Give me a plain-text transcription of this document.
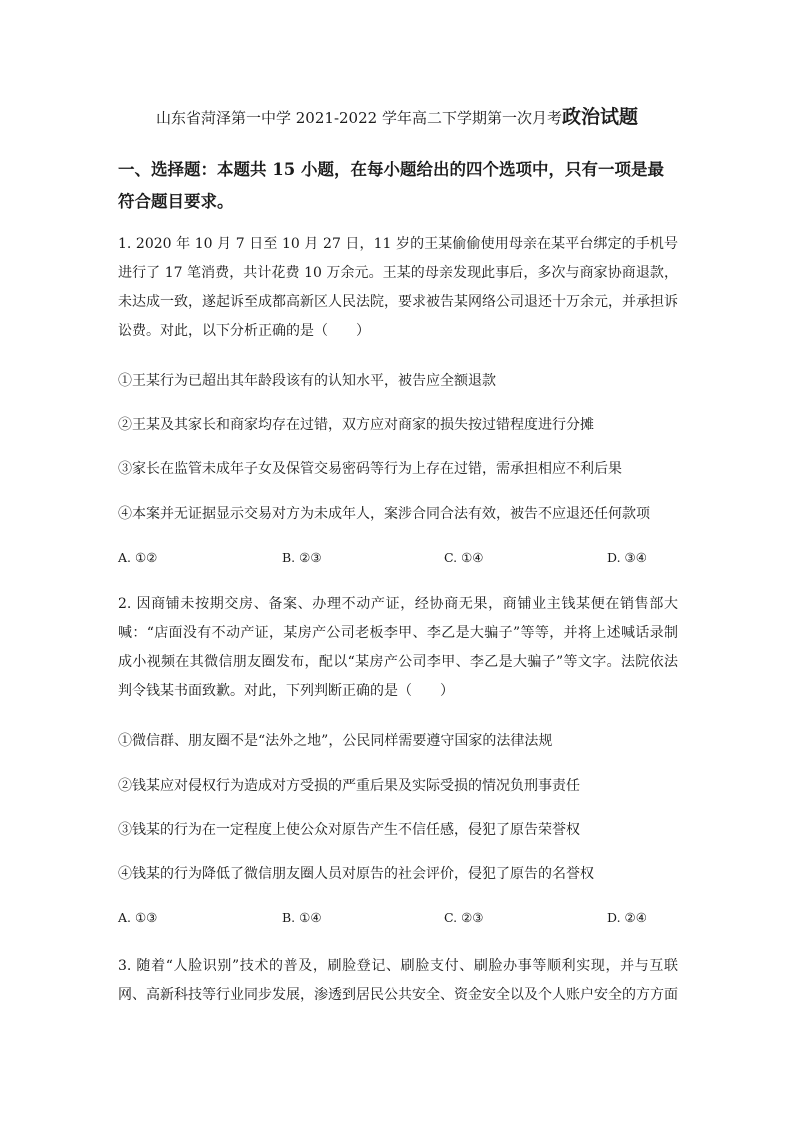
山东省菏泽第一中学 2021-2022 学年高二下学期第一次月考政治试题
一、选择题：本题共 15 小题，在每小题给出的四个选项中，只有一项是最符合题目要求。
1. 2020 年 10 月 7 日至 10 月 27 日，11 岁的王某偷偷使用母亲在某平台绑定的手机号进行了 17 笔消费，共计花费 10 万余元。王某的母亲发现此事后，多次与商家协商退款，未达成一致，遂起诉至成都高新区人民法院，要求被告某网络公司退还十万余元，并承担诉讼费。对此，以下分析正确的是（　　）
①王某行为已超出其年龄段该有的认知水平，被告应全额退款
②王某及其家长和商家均存在过错，双方应对商家的损失按过错程度进行分摊
③家长在监管未成年子女及保管交易密码等行为上存在过错，需承担相应不利后果
④本案并无证据显示交易对方为未成年人，案涉合同合法有效，被告不应退还任何款项
A. ①②	B. ②③	C. ①④	D. ③④
2. 因商铺未按期交房、备案、办理不动产证，经协商无果，商铺业主钱某便在销售部大喊：“店面没有不动产证，某房产公司老板李甲、李乙是大骗子”等等，并将上述喊话录制成小视频在其微信朋友圈发布，配以“某房产公司李甲、李乙是大骗子”等文字。法院依法判令钱某书面致歉。对此，下列判断正确的是（　　）
①微信群、朋友圈不是“法外之地”，公民同样需要遵守国家的法律法规
②钱某应对侵权行为造成对方受损的严重后果及实际受损的情况负刑事责任
③钱某的行为在一定程度上使公众对原告产生不信任感，侵犯了原告荣誉权
④钱某的行为降低了微信朋友圈人员对原告的社会评价，侵犯了原告的名誉权
A. ①③	B. ①④	C. ②③	D. ②④
3. 随着“人脸识别”技术的普及，刷脸登记、刷脸支付、刷脸办事等顺利实现，并与互联网、高新科技等行业同步发展，渗透到居民公共安全、资金安全以及个人账户安全的方方面
